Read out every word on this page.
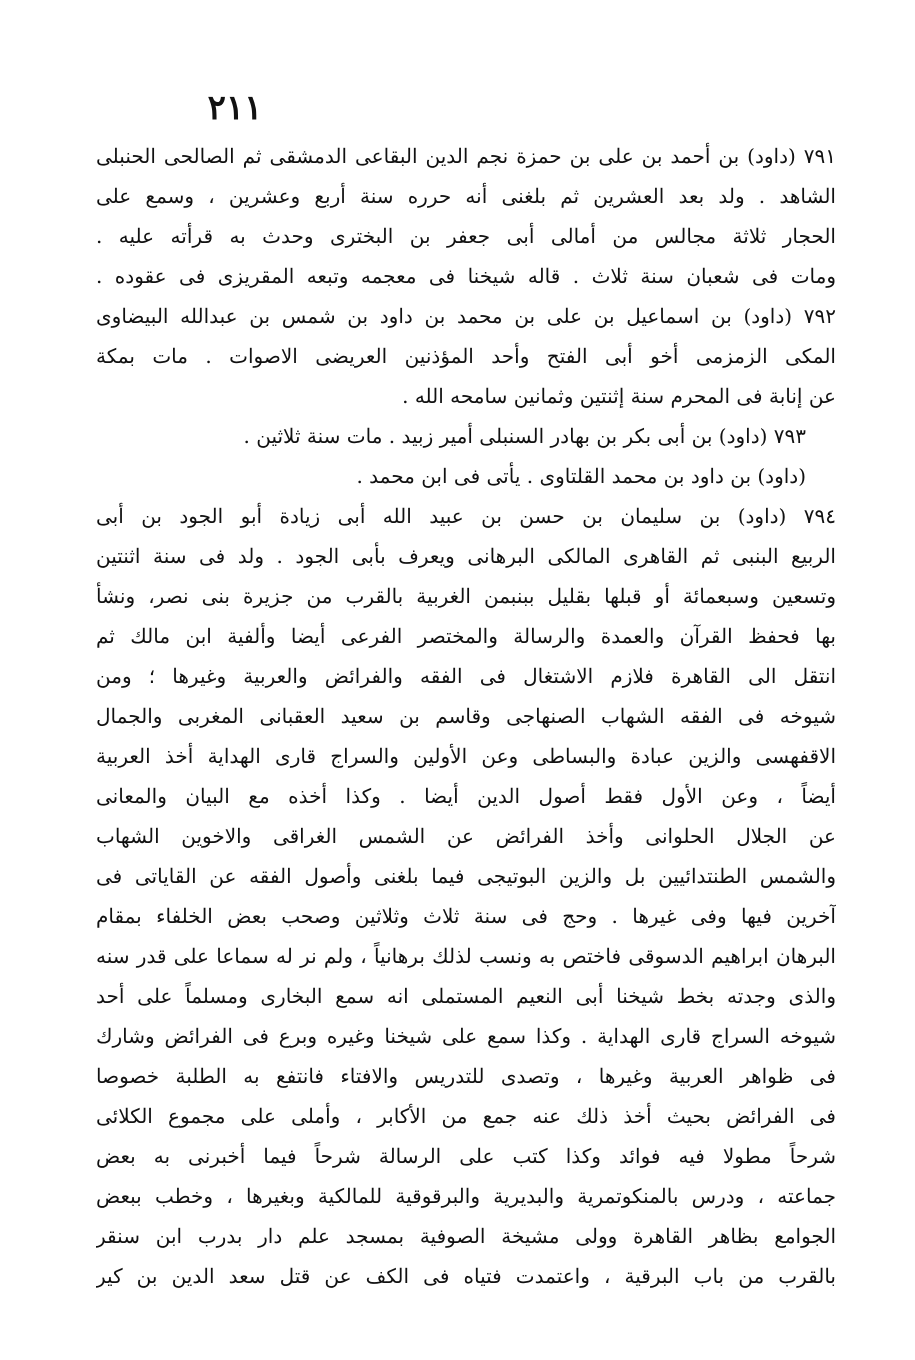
٢١١
٧٩١ (داود) بن أحمد بن على بن حمزة نجم الدين البقاعى الدمشقى ثم الصالحى الحنبلى
الشاهد . ولد بعد العشرين ثم بلغنى أنه حرره سنة أربع وعشرين ، وسمع على
الحجار ثلاثة مجالس من أمالى أبى جعفر بن البخترى وحدث به قرأته عليه .
ومات فى شعبان سنة ثلاث . قاله شيخنا فى معجمه وتبعه المقريزى فى عقوده .
٧٩٢ (داود) بن اسماعيل بن على بن محمد بن داود بن شمس بن عبدالله البيضاوى
المكى الزمزمى أخو أبى الفتح وأحد المؤذنين العريضى الاصوات . مات بمكة
عن إنابة فى المحرم سنة إثنتين وثمانين سامحه الله .
٧٩٣ (داود) بن أبى بكر بن بهادر السنبلى أمير زبيد . مات سنة ثلاثين .
(داود) بن داود بن محمد القلتاوى . يأتى فى ابن محمد .
٧٩٤ (داود) بن سليمان بن حسن بن عبيد الله أبى زيادة أبو الجود بن أبى
الربيع البنبى ثم القاهرى المالكى البرهانى ويعرف بأبى الجود . ولد فى سنة اثنتين
وتسعين وسبعمائة أو قبلها بقليل ببنبمن الغربية بالقرب من جزيرة بنى نصر، ونشأ
بها فحفظ القرآن والعمدة والرسالة والمختصر الفرعى أيضا وألفية ابن مالك ثم
انتقل الى القاهرة فلازم الاشتغال فى الفقه والفرائض والعربية وغيرها ؛ ومن
شيوخه فى الفقه الشهاب الصنهاجى وقاسم بن سعيد العقبانى المغربى والجمال
الاقفهسى والزين عبادة والبساطى وعن الأولين والسراج قارى الهداية أخذ العربية
أيضاً ، وعن الأول فقط أصول الدين أيضا . وكذا أخذه مع البيان والمعانى
عن الجلال الحلوانى وأخذ الفرائض عن الشمس الغراقى والاخوين الشهاب
والشمس الطنتدائيين بل والزين البوتيجى فيما بلغنى وأصول الفقه عن القاياتى فى
آخرين فيها وفى غيرها . وحج فى سنة ثلاث وثلاثين وصحب بعض الخلفاء بمقام
البرهان ابراهيم الدسوقى فاختص به ونسب لذلك برهانياً ، ولم نر له سماعا على قدر سنه
والذى وجدته بخط شيخنا أبى النعيم المستملى انه سمع البخارى ومسلماً على أحد
شيوخه السراج قارى الهداية . وكذا سمع على شيخنا وغيره وبرع فى الفرائض وشارك
فى ظواهر العربية وغيرها ، وتصدى للتدريس والافتاء فانتفع به الطلبة خصوصا
فى الفرائض بحيث أخذ ذلك عنه جمع من الأكابر ، وأملى على مجموع الكلائى
شرحاً مطولا فيه فوائد وكذا كتب على الرسالة شرحاً فيما أخبرنى به بعض
جماعته ، ودرس بالمنكوتمرية والبديرية والبرقوقية للمالكية وبغيرها ، وخطب ببعض
الجوامع بظاهر القاهرة وولى مشيخة الصوفية بمسجد علم دار بدرب ابن سنقر
بالقرب من باب البرقية ، واعتمدت فتياه فى الكف عن قتل سعد الدين بن كير
